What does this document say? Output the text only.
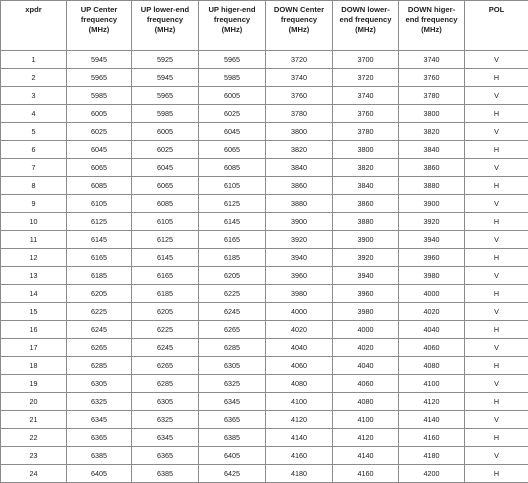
xpdr	UP Center
frequency
(MHz)	UP lower-end
frequency
(MHz)	UP higer-end
frequency
(MHz)	DOWN Center
frequency
(MHz)	DOWN lower-
end frequency
(MHz)	DOWN higer-
end frequency
(MHz)	POL

1	5945	5925	5965	3720	3700	3740	V
2	5965	5945	5985	3740	3720	3760	H
3	5985	5965	6005	3760	3740	3780	V
4	6005	5985	6025	3780	3760	3800	H
5	6025	6005	6045	3800	3780	3820	V
6	6045	6025	6065	3820	3800	3840	H
7	6065	6045	6085	3840	3820	3860	V
8	6085	6065	6105	3860	3840	3880	H
9	6105	6085	6125	3880	3860	3900	V
10	6125	6105	6145	3900	3880	3920	H
11	6145	6125	6165	3920	3900	3940	V
12	6165	6145	6185	3940	3920	3960	H
13	6185	6165	6205	3960	3940	3980	V
14	6205	6185	6225	3980	3960	4000	H
15	6225	6205	6245	4000	3980	4020	V
16	6245	6225	6265	4020	4000	4040	H
17	6265	6245	6285	4040	4020	4060	V
18	6285	6265	6305	4060	4040	4080	H
19	6305	6285	6325	4080	4060	4100	V
20	6325	6305	6345	4100	4080	4120	H
21	6345	6325	6365	4120	4100	4140	V
22	6365	6345	6385	4140	4120	4160	H
23	6385	6365	6405	4160	4140	4180	V
24	6405	6385	6425	4180	4160	4200	H
